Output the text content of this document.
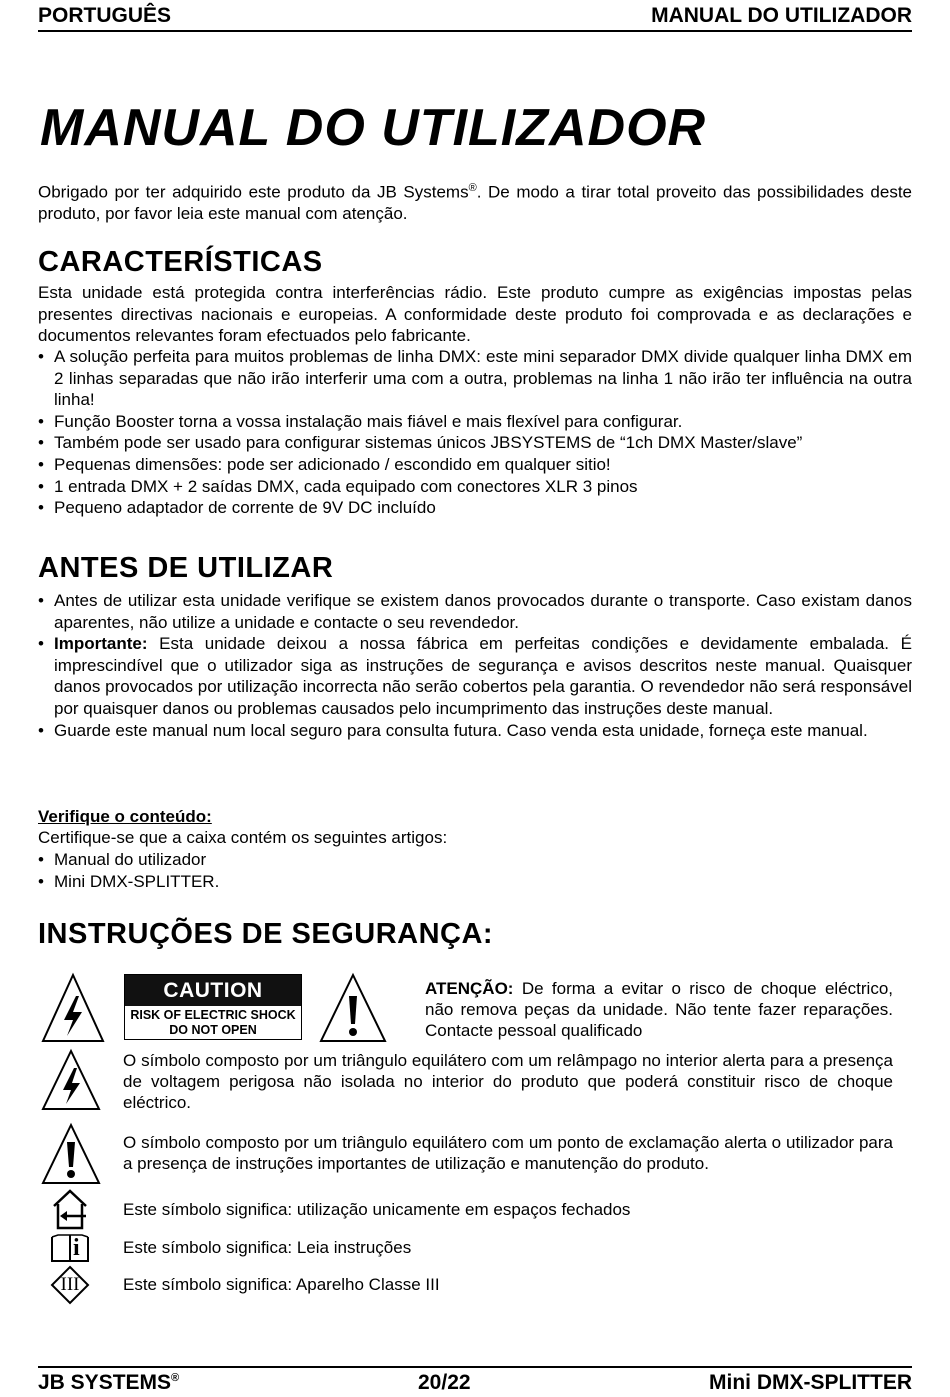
PORTUGUÊS	MANUAL DO UTILIZADOR
MANUAL DO UTILIZADOR
Obrigado por ter adquirido este produto da JB Systems®. De modo a tirar total proveito das possibilidades deste produto, por favor leia este manual com atenção.
CARACTERÍSTICAS
Esta unidade está protegida contra interferências rádio. Este produto cumpre as exigências impostas pelas presentes directivas nacionais e europeias. A conformidade deste produto foi comprovada e as declarações e documentos relevantes foram efectuados pelo fabricante.
• A solução perfeita para muitos problemas de linha DMX: este mini separador DMX divide qualquer linha DMX em 2 linhas separadas que não irão interferir uma com a outra, problemas na linha 1 não irão ter influência na outra linha!
• Função Booster torna a vossa instalação mais fiável e mais flexível para configurar.
• Também pode ser usado para configurar sistemas únicos JBSYSTEMS de “1ch DMX Master/slave”
• Pequenas dimensões: pode ser adicionado / escondido em qualquer sitio!
• 1 entrada DMX + 2 saídas DMX, cada equipado com conectores XLR 3 pinos
• Pequeno adaptador de corrente de 9V DC incluído
ANTES DE UTILIZAR
• Antes de utilizar esta unidade verifique se existem danos provocados durante o transporte. Caso existam danos aparentes, não utilize a unidade e contacte o seu revendedor.
• Importante: Esta unidade deixou a nossa fábrica em perfeitas condições e devidamente embalada. É imprescindível que o utilizador siga as instruções de segurança e avisos descritos neste manual. Quaisquer danos provocados por utilização incorrecta não serão cobertos pela garantia. O revendedor não será responsável por quaisquer danos ou problemas causados pelo incumprimento das instruções deste manual.
• Guarde este manual num local seguro para consulta futura. Caso venda esta unidade, forneça este manual.
Verifique o conteúdo:
Certifique-se que a caixa contém os seguintes artigos:
• Manual do utilizador
• Mini DMX-SPLITTER.
INSTRUÇÕES DE SEGURANÇA:
CAUTION
RISK OF ELECTRIC SHOCK
DO NOT OPEN
ATENÇÃO: De forma a evitar o risco de choque eléctrico, não remova peças da unidade. Não tente fazer reparações. Contacte pessoal qualificado
O símbolo composto por um triângulo equilátero com um relâmpago no interior alerta para a presença de voltagem perigosa não isolada no interior do produto que poderá constituir risco de choque eléctrico.
O símbolo composto por um triângulo equilátero com um ponto de exclamação alerta o utilizador para a presença de instruções importantes de utilização e manutenção do produto.
Este símbolo significa: utilização unicamente em espaços fechados
i	Este símbolo significa: Leia instruções
III	Este símbolo significa: Aparelho Classe III
JB SYSTEMS®	20/22	Mini DMX-SPLITTER
